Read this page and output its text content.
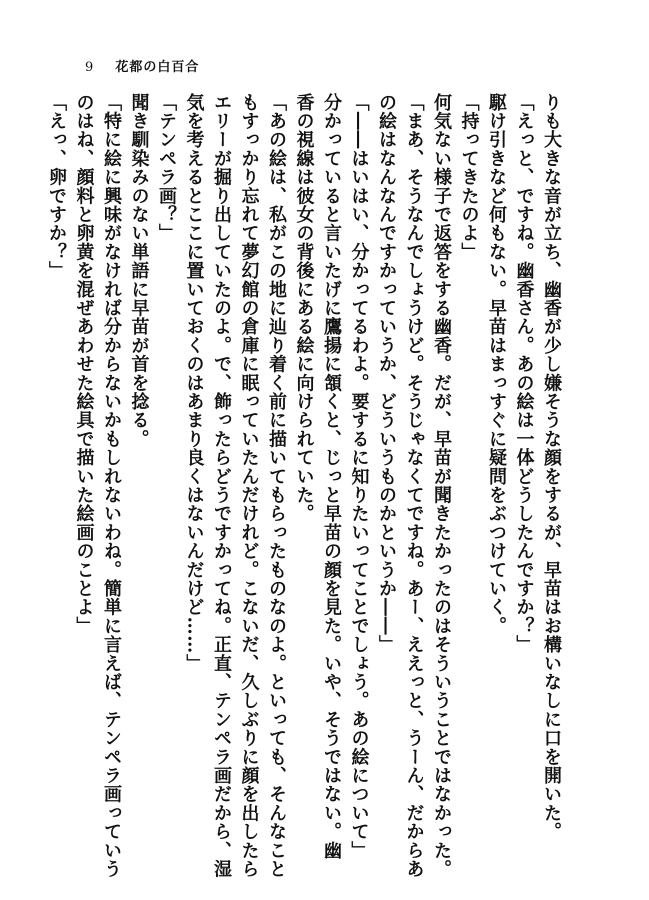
9 花都の白百合
りも大きな音が立ち、幽香が少し嫌そうな顔をするが、早苗はお構いなしに口を開いた。
「えっと、ですね。幽香さん。あの絵は一体どうしたんですか？」
駆け引きなど何もない。早苗はまっすぐに疑問をぶつけていく。
「持ってきたのよ」
何気ない様子で返答をする幽香。だが、早苗が聞きたかったのはそういうことではなかった。
「まあ、そうなんでしょうけど。そうじゃなくてですね。あー、ええっと、うーん、だからあ
の絵はなんなんですかっていうか、どういうものかというか――」
「――はいはい、分かってるわよ。要するに知りたいってことでしょう。あの絵について」
分かっていると言いたげに鷹揚に頷くと、じっと早苗の顔を見た。いや、そうではない。幽
香の視線は彼女の背後にある絵に向けられていた。
「あの絵は、私がこの地に辿り着く前に描いてもらったものなのよ。といっても、そんなこと
もすっかり忘れて夢幻館の倉庫に眠っていたんだけれど。こないだ、久しぶりに顔を出したら
エリーが掘り出していたのよ。で、飾ったらどうですかってね。正直、テンペラ画だから、湿
気を考えるとここに置いておくのはあまり良くはないんだけど……」
「テンペラ画？」
聞き馴染みのない単語に早苗が首を捻る。
「特に絵に興味がなければ分からないかもしれないわね。簡単に言えば、テンペラ画っていう
のはね、顔料と卵黄を混ぜあわせた絵具で描いた絵画のことよ」
「えっ、卵ですか？」
